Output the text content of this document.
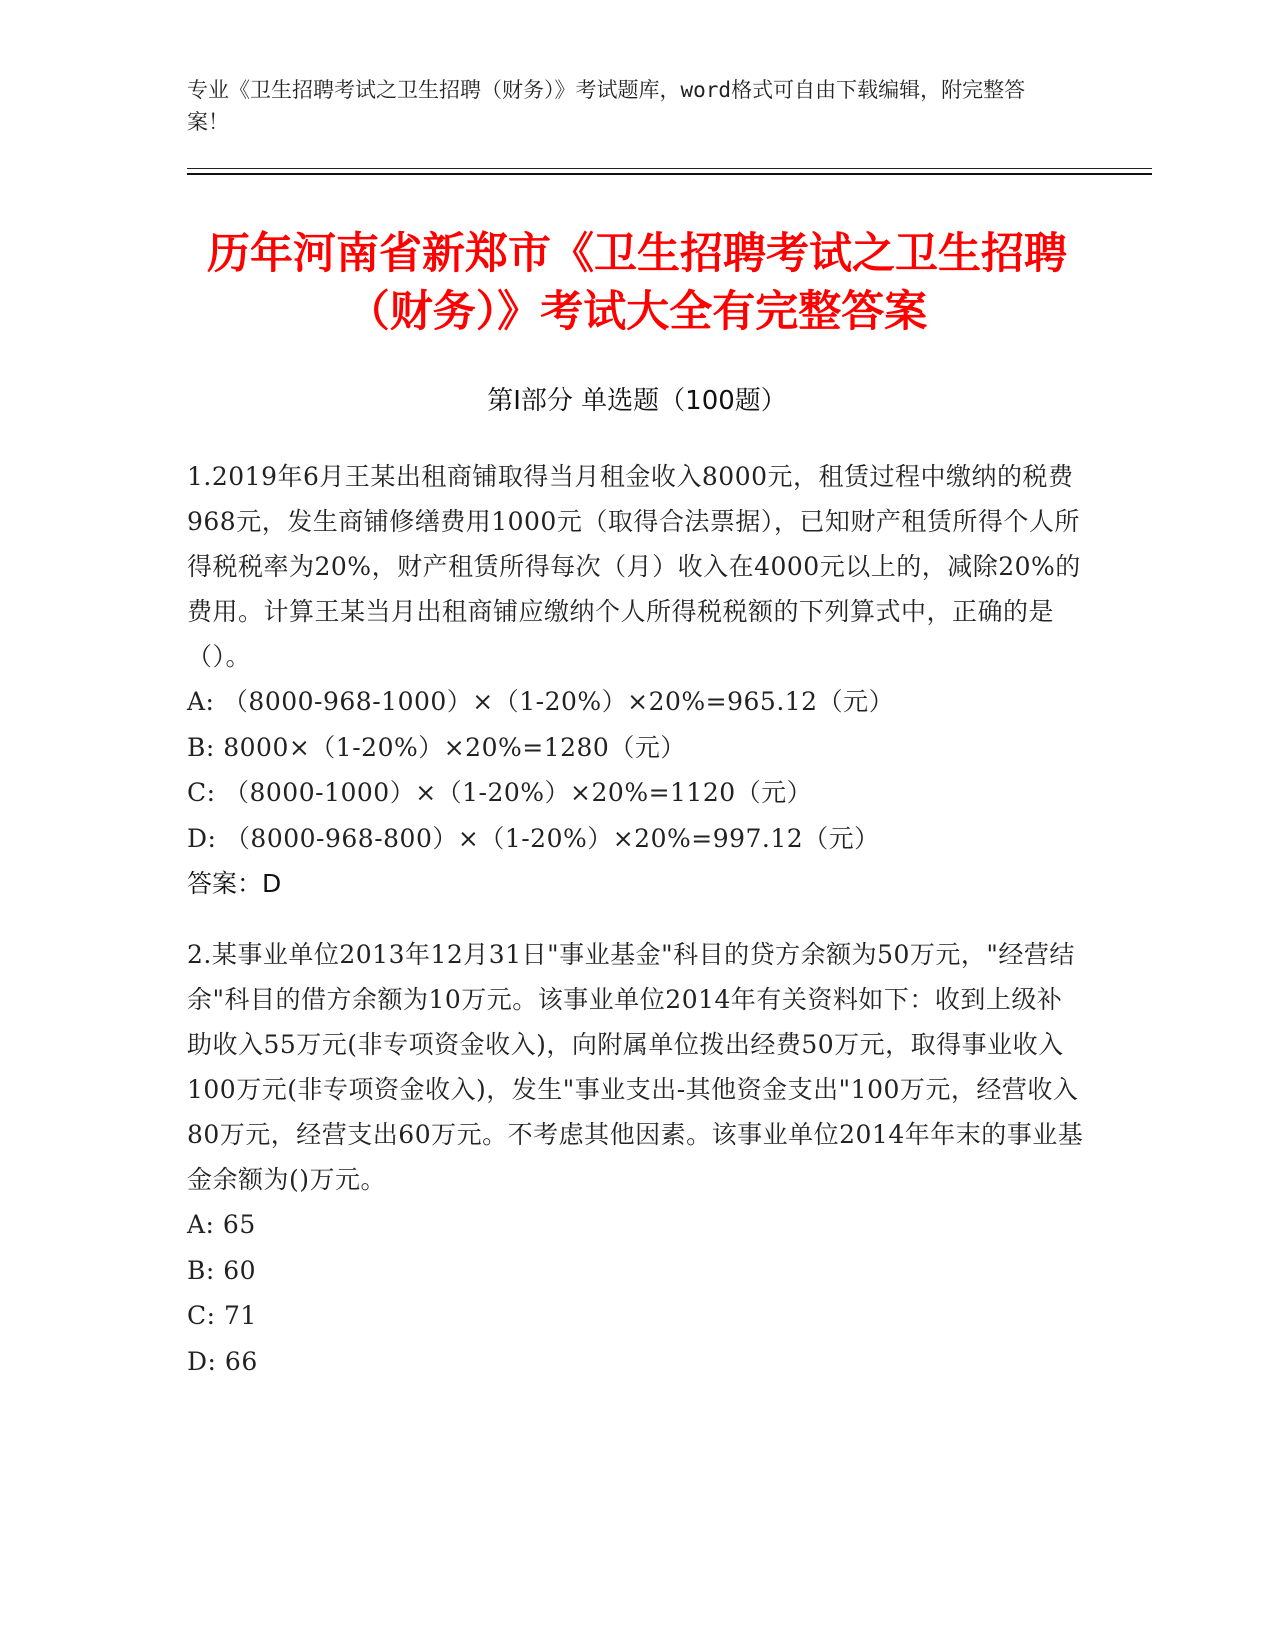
专业《卫生招聘考试之卫生招聘（财务）》考试题库，word格式可自由下载编辑，附完整答案！
历年河南省新郑市《卫生招聘考试之卫生招聘（财务）》考试大全有完整答案
第I部分 单选题（100题）

1.2019年6月王某出租商铺取得当月租金收入8000元，租赁过程中缴纳的税费968元，发生商铺修缮费用1000元（取得合法票据），已知财产租赁所得个人所得税税率为20%，财产租赁所得每次（月）收入在4000元以上的，减除20%的费用。计算王某当月出租商铺应缴纳个人所得税税额的下列算式中，正确的是（）。

A: （8000-968-1000）×（1-20%）×20%=965.12（元）
B: 8000×（1-20%）×20%=1280（元）
C: （8000-1000）×（1-20%）×20%=1120（元）
D: （8000-968-800）×（1-20%）×20%=997.12（元）
答案：D

2.某事业单位2013年12月31日"事业基金"科目的贷方余额为50万元，"经营结余"科目的借方余额为10万元。该事业单位2014年有关资料如下：收到上级补助收入55万元(非专项资金收入)，向附属单位拨出经费50万元，取得事业收入100万元(非专项资金收入)，发生"事业支出-其他资金支出"100万元，经营收入80万元，经营支出60万元。不考虑其他因素。该事业单位2014年年末的事业基金余额为()万元。

A: 65
B: 60
C: 71
D: 66
